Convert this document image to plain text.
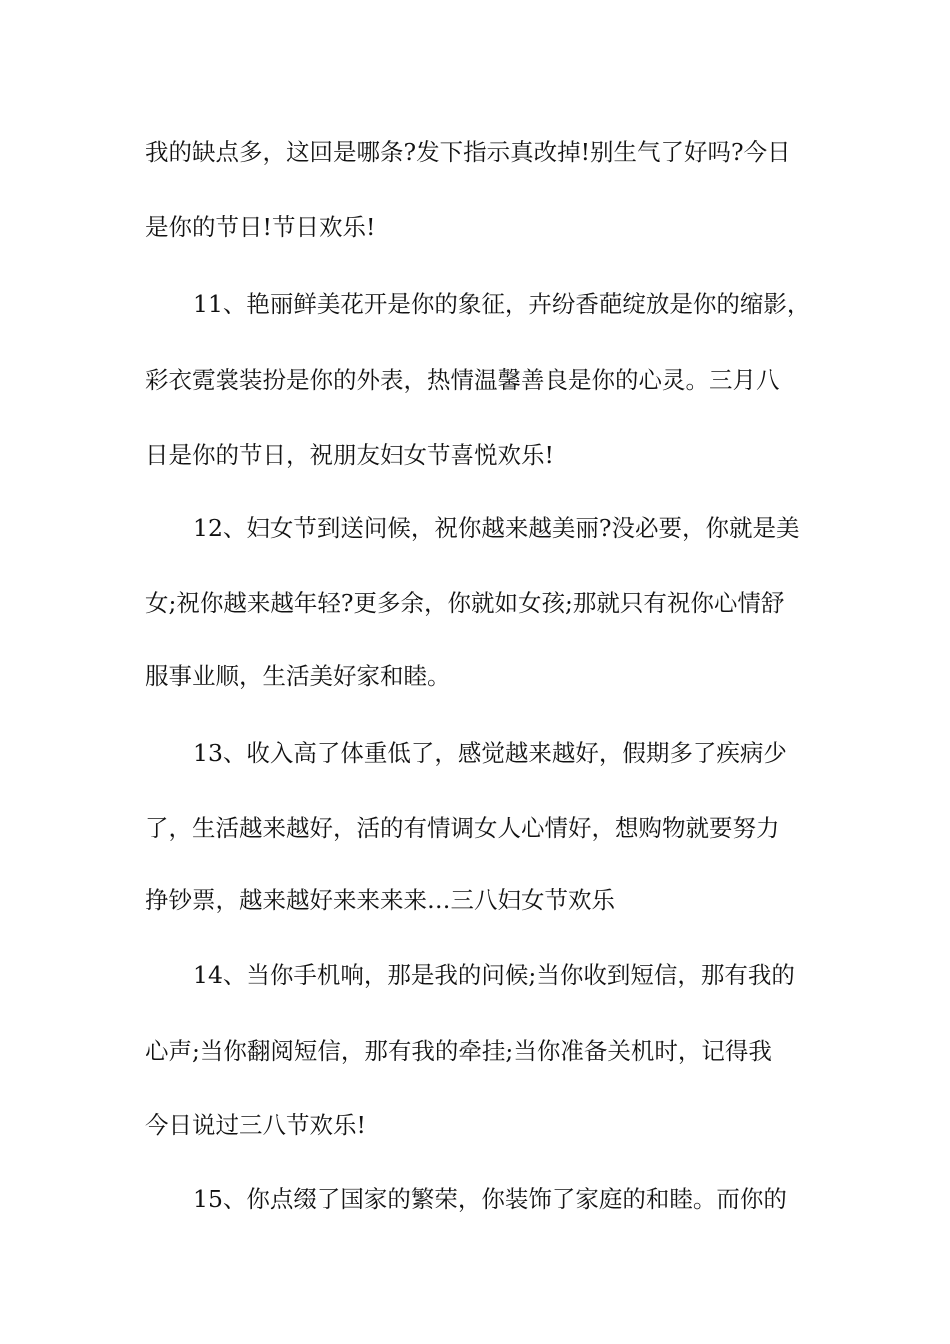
我的缺点多，这回是哪条?发下指示真改掉!别生气了好吗?今日
是你的节日!节日欢乐!
11、艳丽鲜美花开是你的象征，卉纷香葩绽放是你的缩影，
彩衣霓裳装扮是你的外表，热情温馨善良是你的心灵。三月八
日是你的节日，祝朋友妇女节喜悦欢乐!
12、妇女节到送问候，祝你越来越美丽?没必要，你就是美
女;祝你越来越年轻?更多余，你就如女孩;那就只有祝你心情舒
服事业顺，生活美好家和睦。
13、收入高了体重低了，感觉越来越好，假期多了疾病少
了，生活越来越好，活的有情调女人心情好，想购物就要努力
挣钞票，越来越好来来来来…三八妇女节欢乐
14、当你手机响，那是我的问候;当你收到短信，那有我的
心声;当你翻阅短信，那有我的牵挂;当你准备关机时，记得我
今日说过三八节欢乐!
15、你点缀了国家的繁荣，你装饰了家庭的和睦。而你的
